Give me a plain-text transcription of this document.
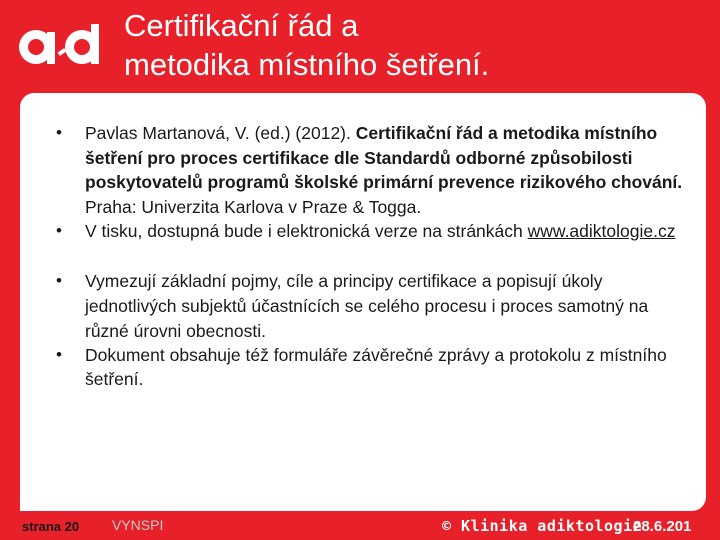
Certifikační řád a
metodika místního šetření.
• Pavlas Martanová, V. (ed.) (2012). Certifikační řád a metodika místního šetření pro proces certifikace dle Standardů odborné způsobilosti poskytovatelů programů školské primární prevence rizikového chování. Praha: Univerzita Karlova v Praze & Togga.
• V tisku, dostupná bude i elektronická verze na stránkách www.adiktologie.cz
• Vymezují základní pojmy, cíle a principy certifikace a popisují úkoly jednotlivých subjektů účastnících se celého procesu i proces samotný na různé úrovni obecnosti.
• Dokument obsahuje též formuláře závěrečné zprávy a protokolu z místního šetření.
strana 20 VYNSPI	© Klinika adiktologie
28.6.201
